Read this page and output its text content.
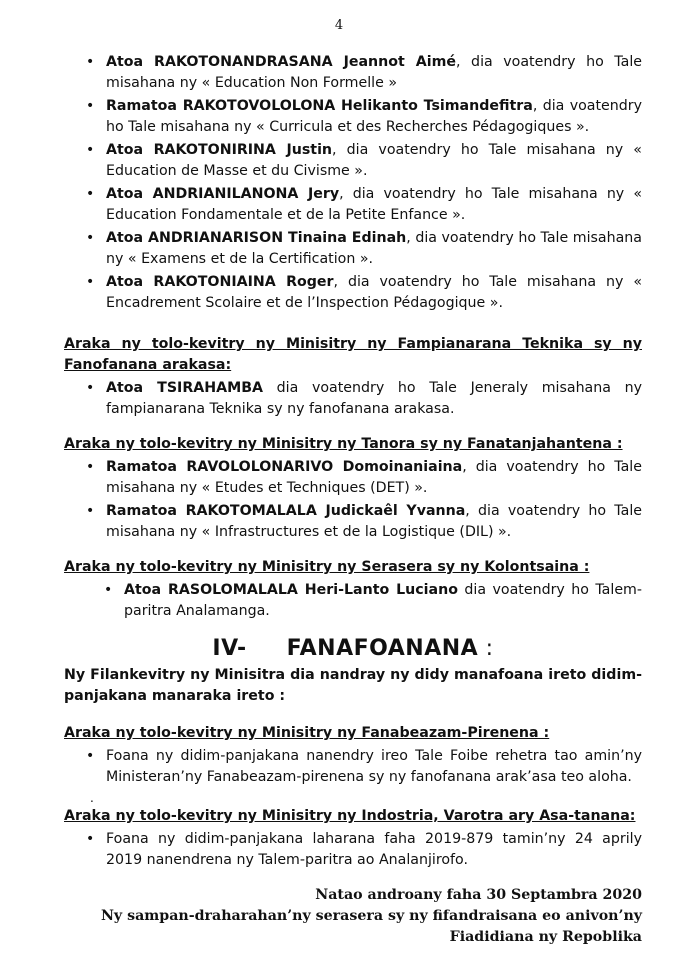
4
• Atoa RAKOTONANDRASANA Jeannot Aimé, dia voatendry ho Tale misahana ny « Education Non Formelle »
• Ramatoa RAKOTOVOLOLONA Helikanto Tsimandefitra, dia voatendry ho Tale misahana ny « Curricula et des Recherches Pédagogiques ».
• Atoa RAKOTONIRINA Justin, dia voatendry ho Tale misahana ny « Education de Masse et du Civisme ».
• Atoa ANDRIANILANONA Jery, dia voatendry ho Tale misahana ny « Education Fondamentale et de la Petite Enfance ».
• Atoa ANDRIANARISON Tinaina Edinah, dia voatendry ho Tale misahana ny « Examens et de la Certification ».
• Atoa RAKOTONIAINA Roger, dia voatendry ho Tale misahana ny « Encadrement Scolaire et de l’Inspection Pédagogique ».
Araka ny tolo-kevitry ny Minisitry ny Fampianarana Teknika sy ny Fanofanana arakasa:
• Atoa TSIRAHAMBA dia voatendry ho Tale Jeneraly misahana ny fampianarana Teknika sy ny fanofanana arakasa.
Araka ny tolo-kevitry ny Minisitry ny Tanora sy ny Fanatanjahantena :
• Ramatoa RAVOLOLONARIVO Domoinaniaina, dia voatendry ho Tale misahana ny « Etudes et Techniques (DET) ».
• Ramatoa RAKOTOMALALA Judickaêl Yvanna, dia voatendry ho Tale misahana ny « Infrastructures et de la Logistique (DIL) ».
Araka ny tolo-kevitry ny Minisitry ny Serasera sy ny Kolontsaina :
• Atoa RASOLOMALALA Heri-Lanto Luciano dia voatendry ho Talem-paritra Analamanga.
IV- FANAFOANANA :
Ny Filankevitry ny Minisitra dia nandray ny didy manafoana ireto didim-panjakana manaraka ireto :
Araka ny tolo-kevitry ny Minisitry ny Fanabeazam-Pirenena :
• Foana ny didim-panjakana nanendry ireo Tale Foibe rehetra tao amin’ny Ministeran’ny Fanabeazam-pirenena sy ny fanofanana arak’asa teo aloha.
.
Araka ny tolo-kevitry ny Minisitry ny Indostria, Varotra ary Asa-tanana:
• Foana ny didim-panjakana laharana faha 2019-879 tamin’ny 24 aprily 2019 nanendrena ny Talem-paritra ao Analanjirofo.
Natao androany faha 30 Septambra 2020
Ny sampan-draharahan’ny serasera sy ny fifandraisana eo anivon’ny
Fiadidiana ny Repoblika
